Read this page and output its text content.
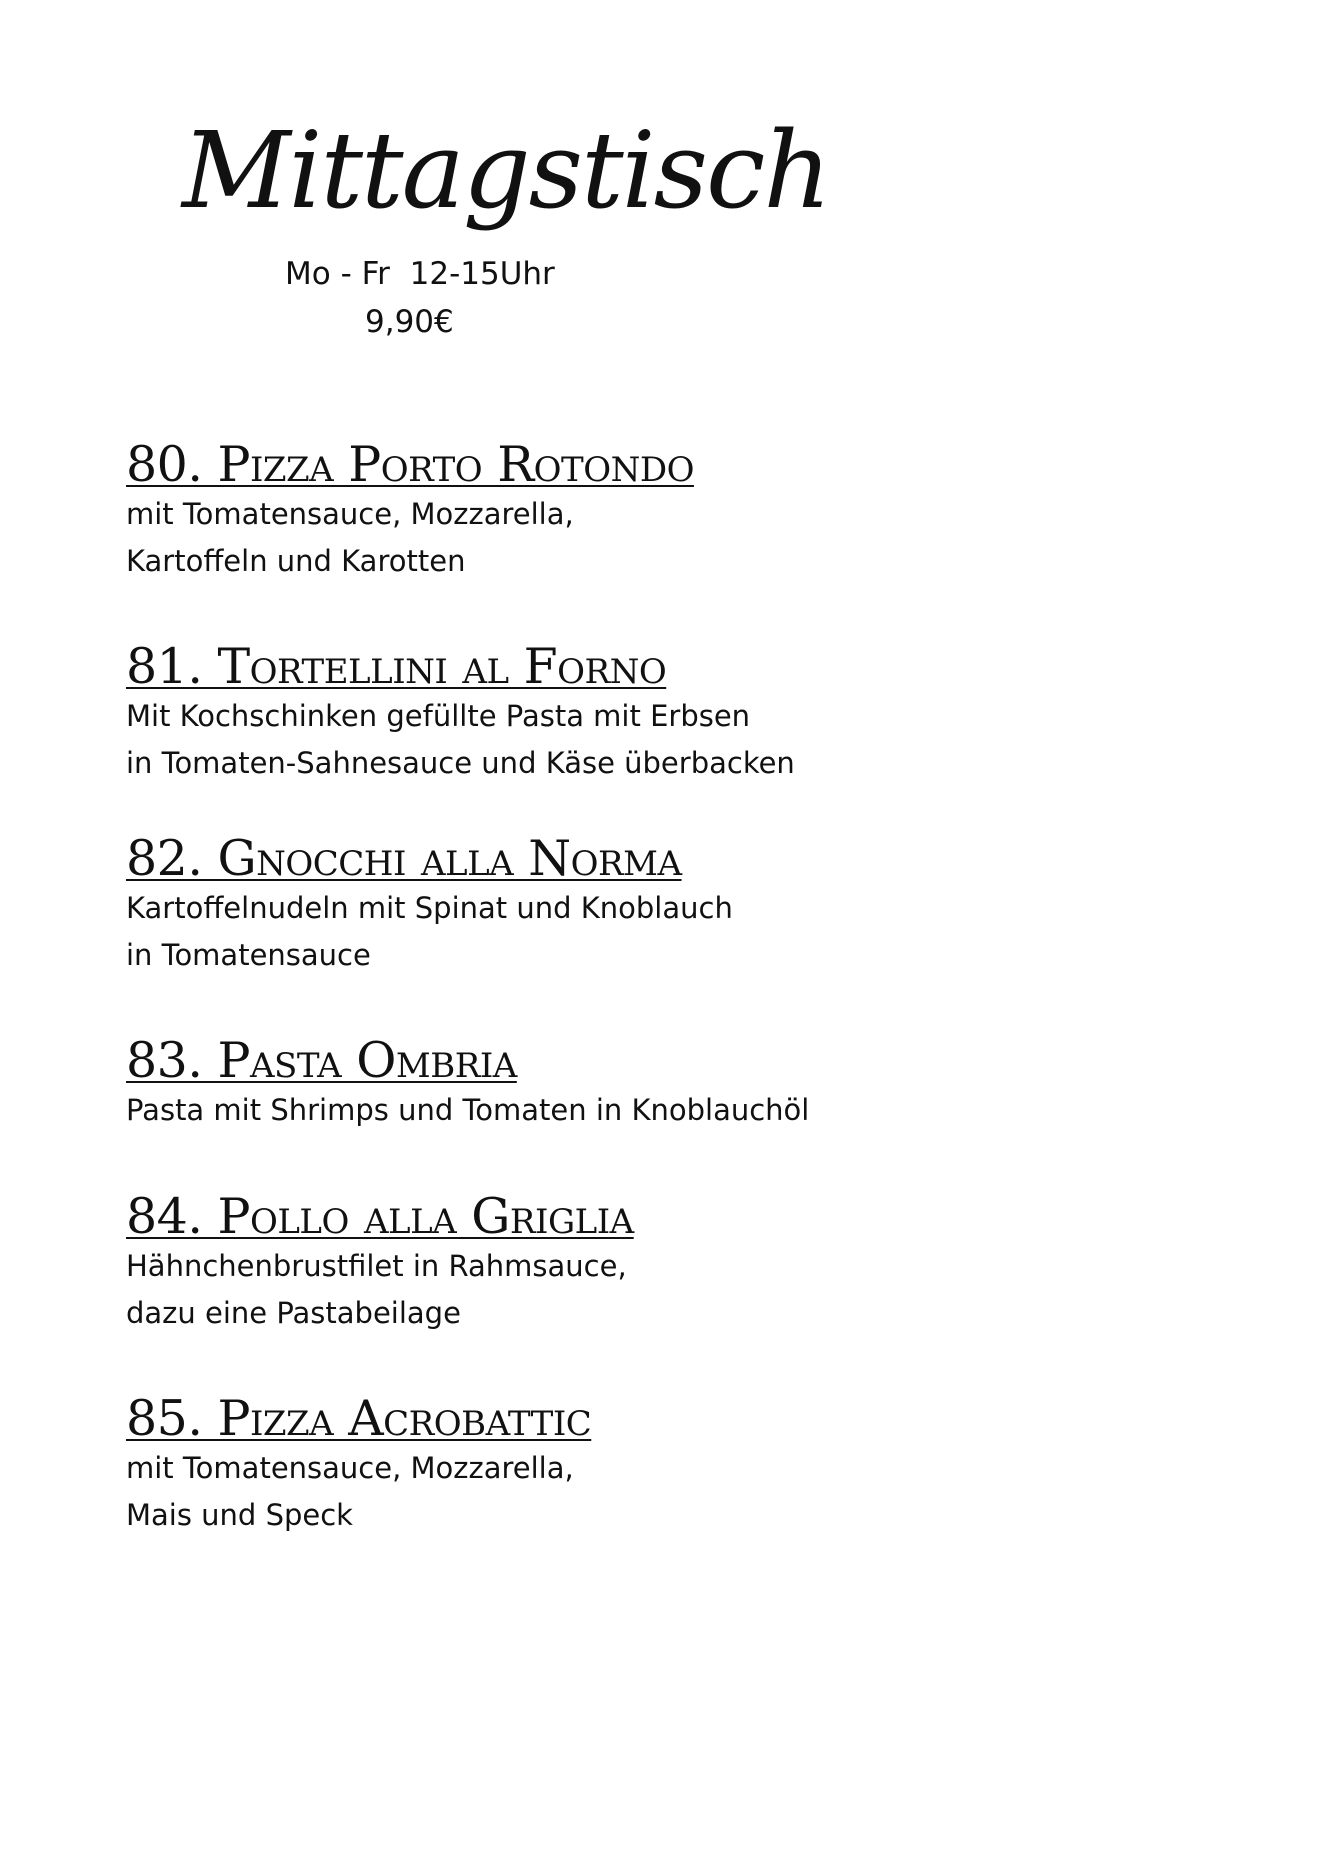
Mittagstisch
Mo - Fr  12-15Uhr
9,90€
80. Pizza Porto Rotondo
mit Tomatensauce, Mozzarella,
Kartoffeln und Karotten
81. Tortellini al Forno
Mit Kochschinken gefüllte Pasta mit Erbsen
in Tomaten-Sahnesauce und Käse überbacken
82. Gnocchi alla Norma
Kartoffelnudeln mit Spinat und Knoblauch
in Tomatensauce
83. Pasta Ombria
Pasta mit Shrimps und Tomaten in Knoblauchöl
84. Pollo alla Griglia
Hähnchenbrustfilet in Rahmsauce,
dazu eine Pastabeilage
85. Pizza Acrobattic
mit Tomatensauce, Mozzarella,
Mais und Speck
